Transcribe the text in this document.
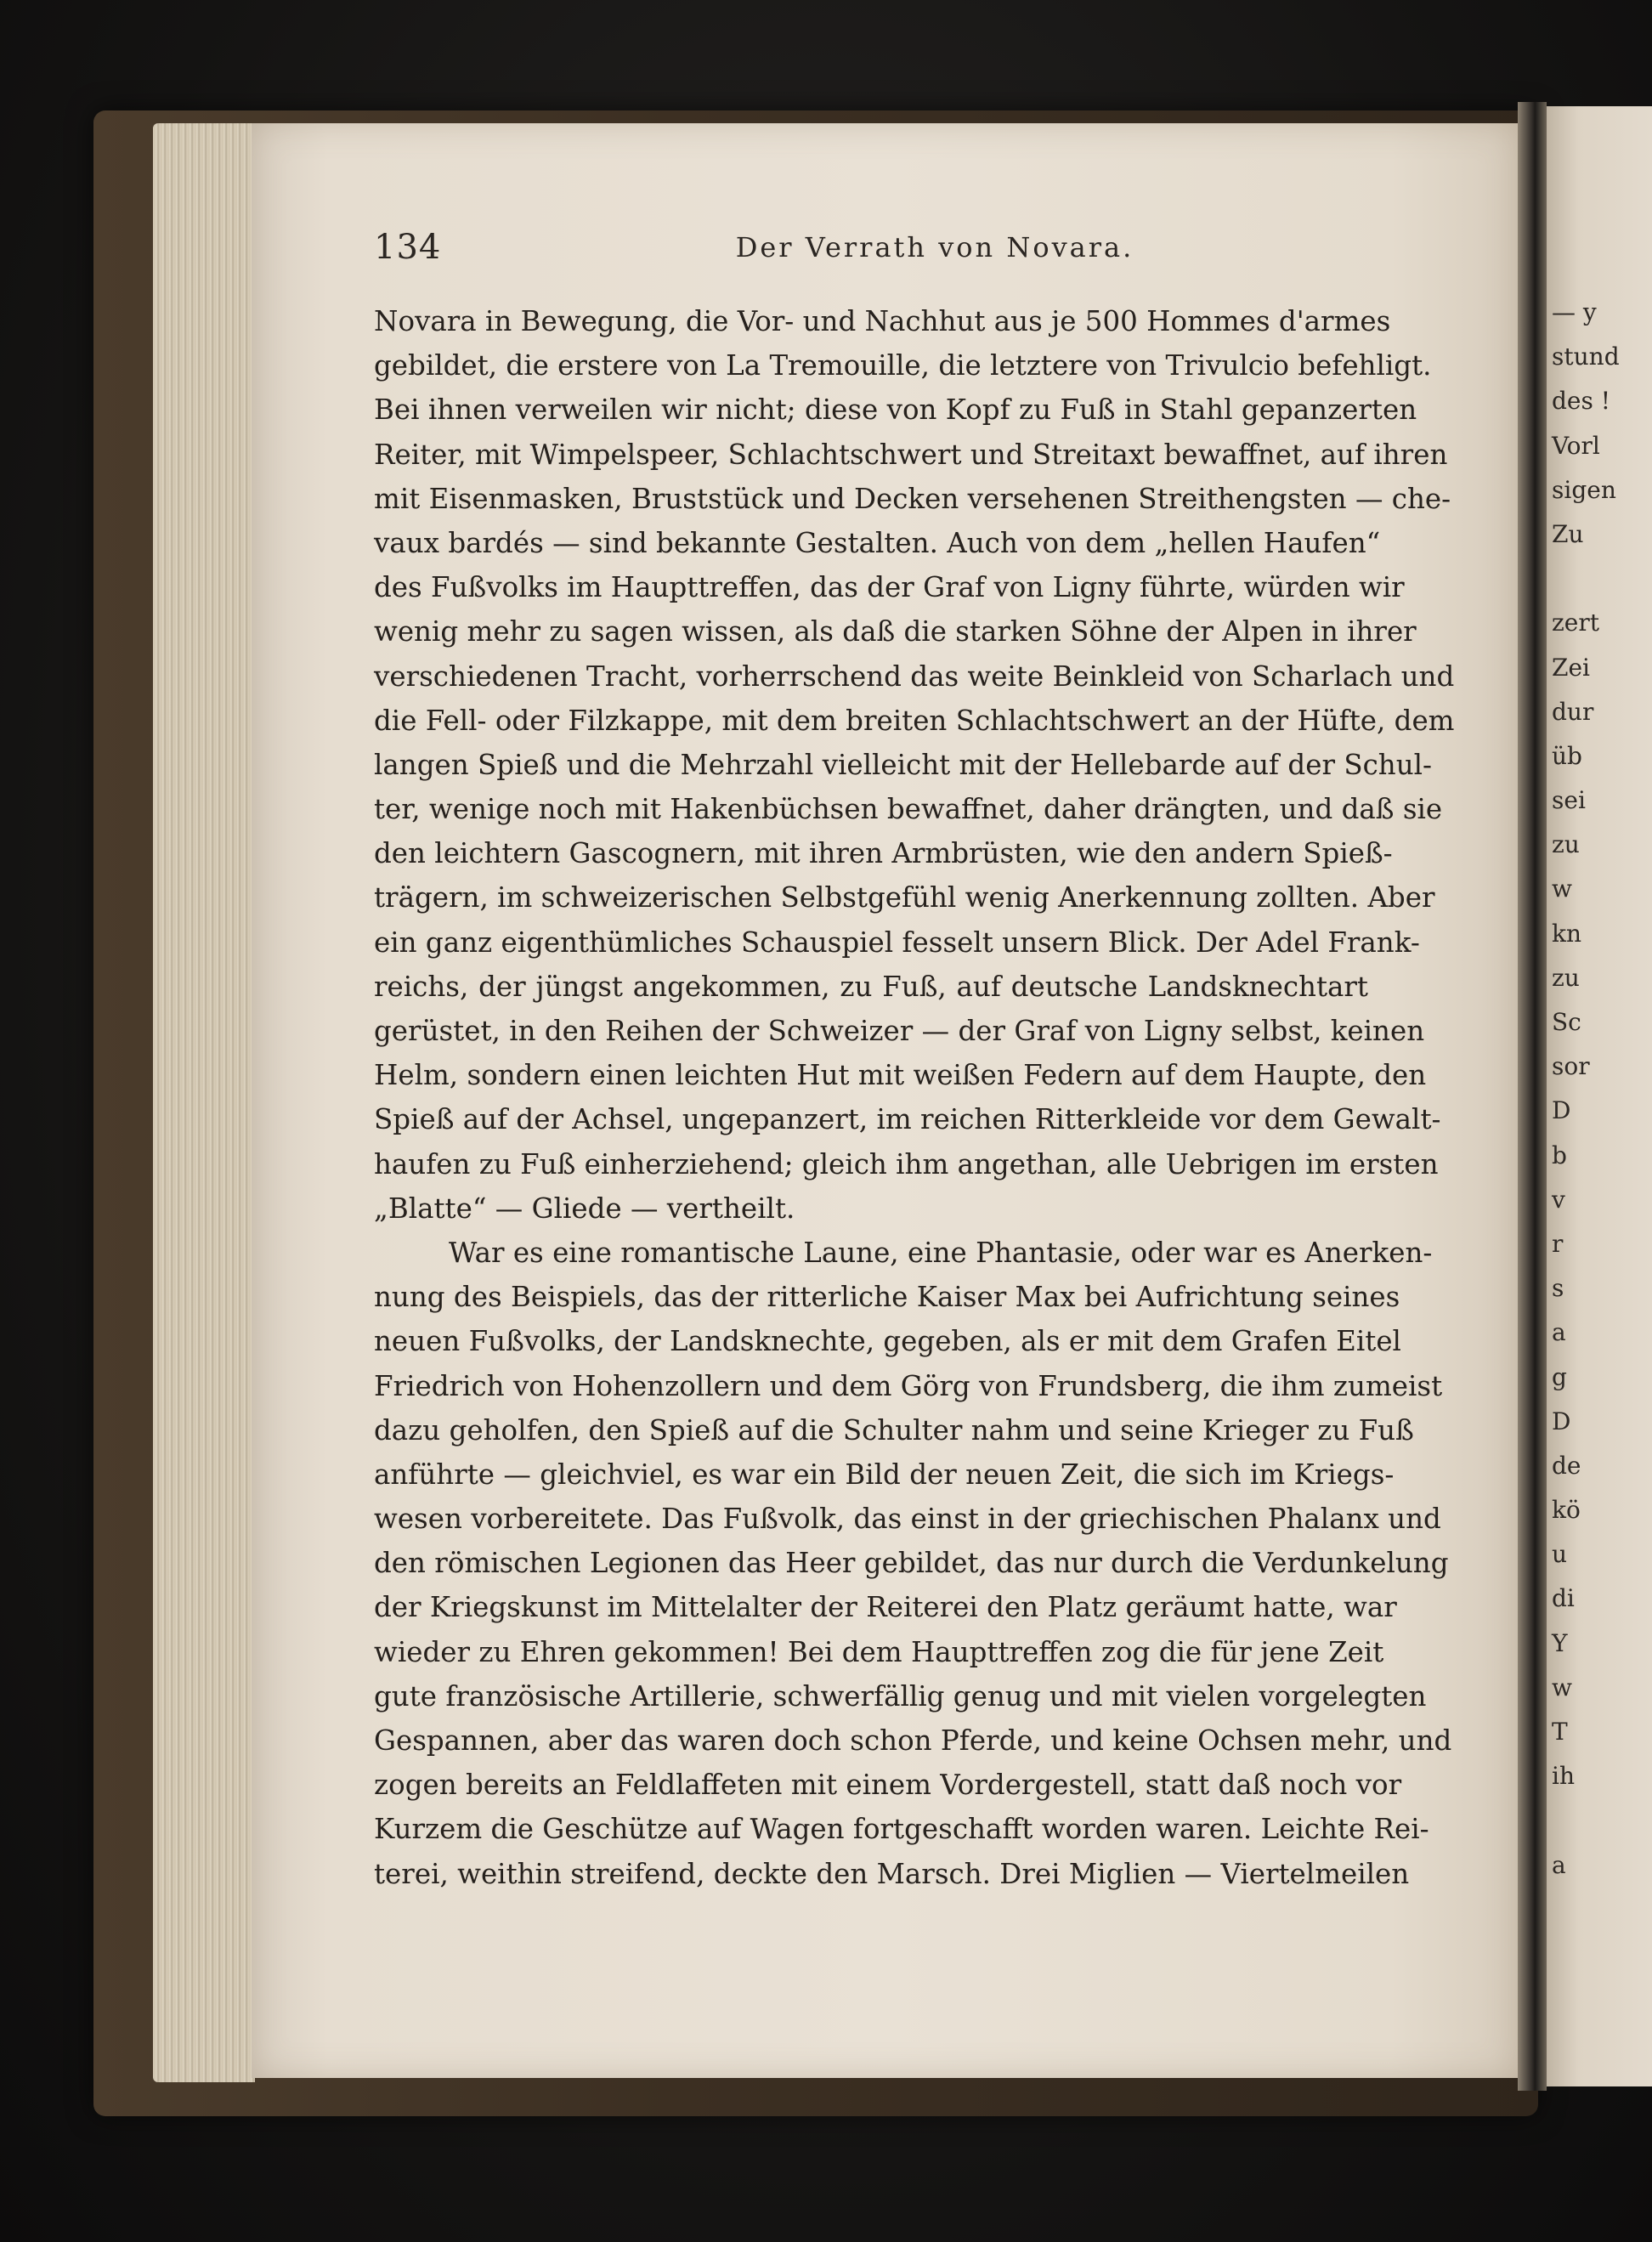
134	Der Verrath von Novara.
Novara in Bewegung, die Vor- und Nachhut aus je 500 Hommes d'armes
gebildet, die erstere von La Tremouille, die letztere von Trivulcio befehligt.
Bei ihnen verweilen wir nicht; diese von Kopf zu Fuß in Stahl gepanzerten
Reiter, mit Wimpelspeer, Schlachtschwert und Streitaxt bewaffnet, auf ihren
mit Eisenmasken, Bruststück und Decken versehenen Streithengsten — che-
vaux bardés — sind bekannte Gestalten. Auch von dem „hellen Haufen“
des Fußvolks im Haupttreffen, das der Graf von Ligny führte, würden wir
wenig mehr zu sagen wissen, als daß die starken Söhne der Alpen in ihrer
verschiedenen Tracht, vorherrschend das weite Beinkleid von Scharlach und
die Fell- oder Filzkappe, mit dem breiten Schlachtschwert an der Hüfte, dem
langen Spieß und die Mehrzahl vielleicht mit der Hellebarde auf der Schul-
ter, wenige noch mit Hakenbüchsen bewaffnet, daher drängten, und daß sie
den leichtern Gascognern, mit ihren Armbrüsten, wie den andern Spieß-
trägern, im schweizerischen Selbstgefühl wenig Anerkennung zollten. Aber
ein ganz eigenthümliches Schauspiel fesselt unsern Blick. Der Adel Frank-
reichs, der jüngst angekommen, zu Fuß, auf deutsche Landsknechtart
gerüstet, in den Reihen der Schweizer — der Graf von Ligny selbst, keinen
Helm, sondern einen leichten Hut mit weißen Federn auf dem Haupte, den
Spieß auf der Achsel, ungepanzert, im reichen Ritterkleide vor dem Gewalt-
haufen zu Fuß einherziehend; gleich ihm angethan, alle Uebrigen im ersten
„Blatte“ — Gliede — vertheilt.
War es eine romantische Laune, eine Phantasie, oder war es Anerken-
nung des Beispiels, das der ritterliche Kaiser Max bei Aufrichtung seines
neuen Fußvolks, der Landsknechte, gegeben, als er mit dem Grafen Eitel
Friedrich von Hohenzollern und dem Görg von Frundsberg, die ihm zumeist
dazu geholfen, den Spieß auf die Schulter nahm und seine Krieger zu Fuß
anführte — gleichviel, es war ein Bild der neuen Zeit, die sich im Kriegs-
wesen vorbereitete. Das Fußvolk, das einst in der griechischen Phalanx und
den römischen Legionen das Heer gebildet, das nur durch die Verdunkelung
der Kriegskunst im Mittelalter der Reiterei den Platz geräumt hatte, war
wieder zu Ehren gekommen! Bei dem Haupttreffen zog die für jene Zeit
gute französische Artillerie, schwerfällig genug und mit vielen vorgelegten
Gespannen, aber das waren doch schon Pferde, und keine Ochsen mehr, und
zogen bereits an Feldlaffeten mit einem Vordergestell, statt daß noch vor
Kurzem die Geschütze auf Wagen fortgeschafft worden waren. Leichte Rei-
terei, weithin streifend, deckte den Marsch. Drei Miglien — Viertelmeilen
— y
stund
des !
Vorl
sigen
Zu
zert
Zei
dur
üb
sei
zu
w
kn
zu
Sc
sor
D
b
v
r
s
a
g
D
de
kö
u
di
Y
w
T
ih
a
